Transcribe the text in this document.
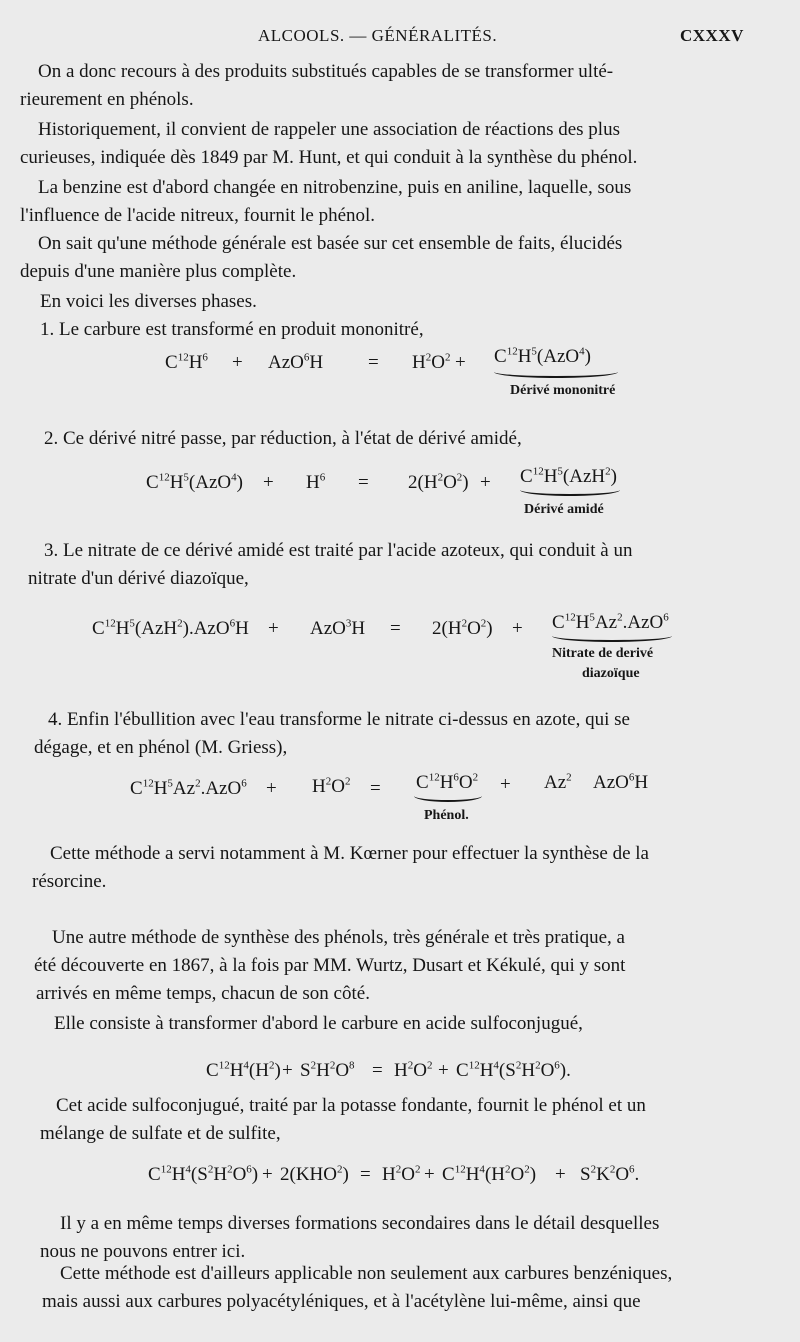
ALCOOLS. — GÉNÉRALITÉS.	CXXXV
On a donc recours à des produits substitués capables de se transformer ulté-
rieurement en phénols.
Historiquement, il convient de rappeler une association de réactions des plus
curieuses, indiquée dès 1849 par M. Hunt, et qui conduit à la synthèse du phénol.
La benzine est d'abord changée en nitrobenzine, puis en aniline, laquelle, sous
l'influence de l'acide nitreux, fournit le phénol.
On sait qu'une méthode générale est basée sur cet ensemble de faits, élucidés
depuis d'une manière plus complète.
En voici les diverses phases.
1. Le carbure est transformé en produit mononitré,
$C^{12}H^6 + AzO^6H = H^2O^2 + C^{12}H^5(AzO^4)$
Dérivé mononitré
2. Ce dérivé nitré passe, par réduction, à l'état de dérivé amidé,
$C^{12}H^5(AzO^4) + H^6 = 2(H^2O^2) + C^{12}H^5(AzH^2)$
Dérivé amidé
3. Le nitrate de ce dérivé amidé est traité par l'acide azoteux, qui conduit à un
nitrate d'un dérivé diazoïque,
$C^{12}H^5(AzH^2).AzO^6H + AzO^3H = 2(H^2O^2) + C^{12}H^5Az^2.AzO^6$
Nitrate de derivé
diazoïque
4. Enfin l'ébullition avec l'eau transforme le nitrate ci-dessus en azote, qui se
dégage, et en phénol (M. Griess),
$C^{12}H^5Az^2.AzO^6 + H^2O^2 = C^{12}H^6O^2$
Phénol.
+ $Az^2$ AzO$^6$H
Cette méthode a servi notamment à M. Kœrner pour effectuer la synthèse de la
résorcine.
Une autre méthode de synthèse des phénols, très générale et très pratique, a
été découverte en 1867, à la fois par MM. Wurtz, Dusart et Kékulé, qui y sont
arrivés en même temps, chacun de son côté.
Elle consiste à transformer d'abord le carbure en acide sulfoconjugué,
$C^{12}H^4(H^2) + S^2H^2O^8 = H^2O^2 + C^{12}H^4(S^2H^2O^6)$.
Cet acide sulfoconjugué, traité par la potasse fondante, fournit le phénol et un
mélange de sulfate et de sulfite,
$C^{12}H^4(S^2H^2O^6) + 2(KHO^2) = H^2O^2 + C^{12}H^4(H^2O^2) + S^2K^2O^6$.
Il y a en même temps diverses formations secondaires dans le détail desquelles
nous ne pouvons entrer ici.
Cette méthode est d'ailleurs applicable non seulement aux carbures benzéniques,
mais aussi aux carbures polyacétyléniques, et à l'acétylène lui-même, ainsi que
